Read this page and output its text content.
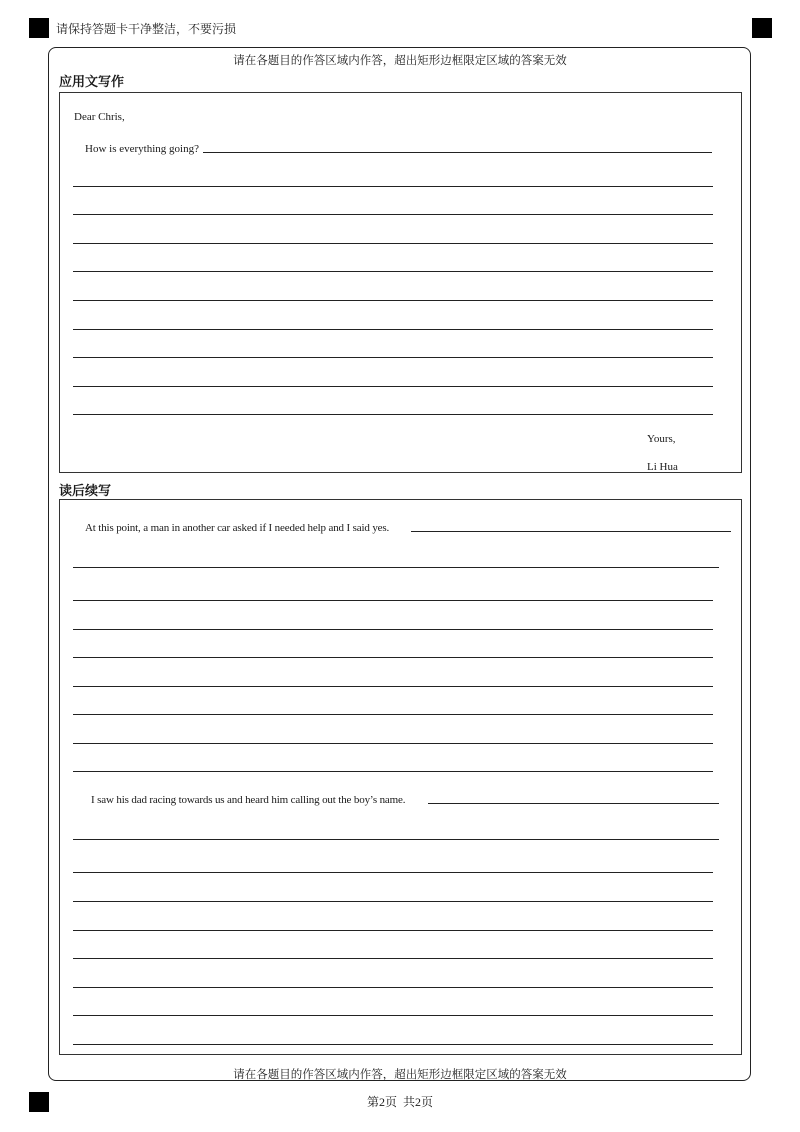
请保持答题卡干净整洁，不要污损
请在各题目的作答区域内作答，超出矩形边框限定区域的答案无效
应用文写作
Dear Chris,
How is everything going?
Yours,
Li Hua
读后续写
At this point, a man in another car asked if I needed help and I said yes.
I saw his dad racing towards us and heard him calling out the boy’s name.
请在各题目的作答区域内作答，超出矩形边框限定区域的答案无效
第2页 共2页
